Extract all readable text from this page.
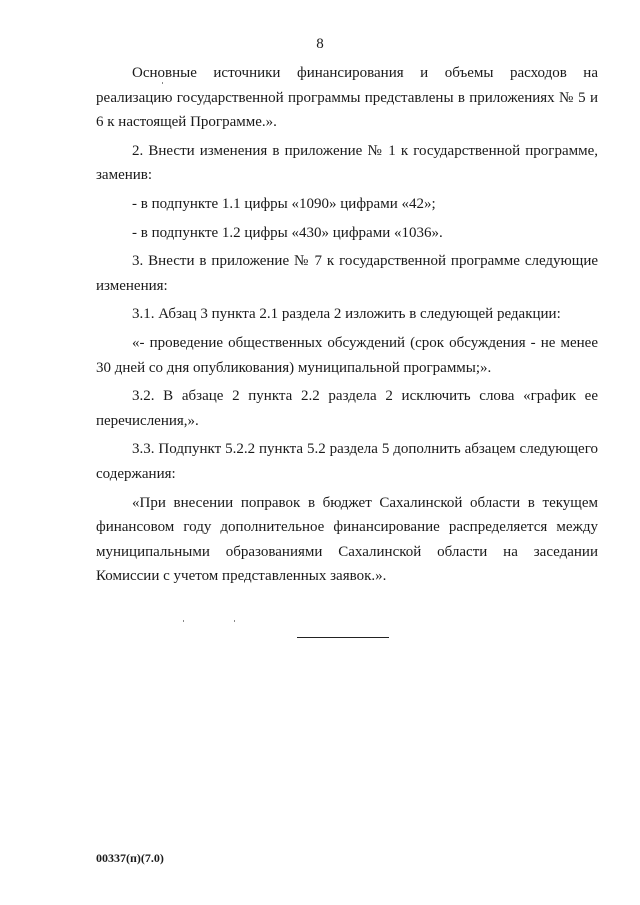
8

Основные источники финансирования и объемы расходов на реализацию государственной программы представлены в приложениях № 5 и 6 к настоящей Программе.».

2. Внести изменения в приложение № 1 к государственной программе, заменив:

- в подпункте 1.1 цифры «1090» цифрами «42»;

- в подпункте 1.2 цифры «430» цифрами «1036».

3. Внести в приложение № 7 к государственной программе следующие изменения:

3.1. Абзац 3 пункта 2.1 раздела 2 изложить в следующей редакции:

«- проведение общественных обсуждений (срок обсуждения - не менее 30 дней со дня опубликования) муниципальной программы;».

3.2. В абзаце 2 пункта 2.2 раздела 2 исключить слова «график ее перечисления,».

3.3. Подпункт 5.2.2 пункта 5.2 раздела 5 дополнить абзацем следующего содержания:

«При внесении поправок в бюджет Сахалинской области в текущем финансовом году дополнительное финансирование распределяется между муниципальными образованиями Сахалинской области на заседании Комиссии с учетом представленных заявок.».

00337(п)(7.0)
